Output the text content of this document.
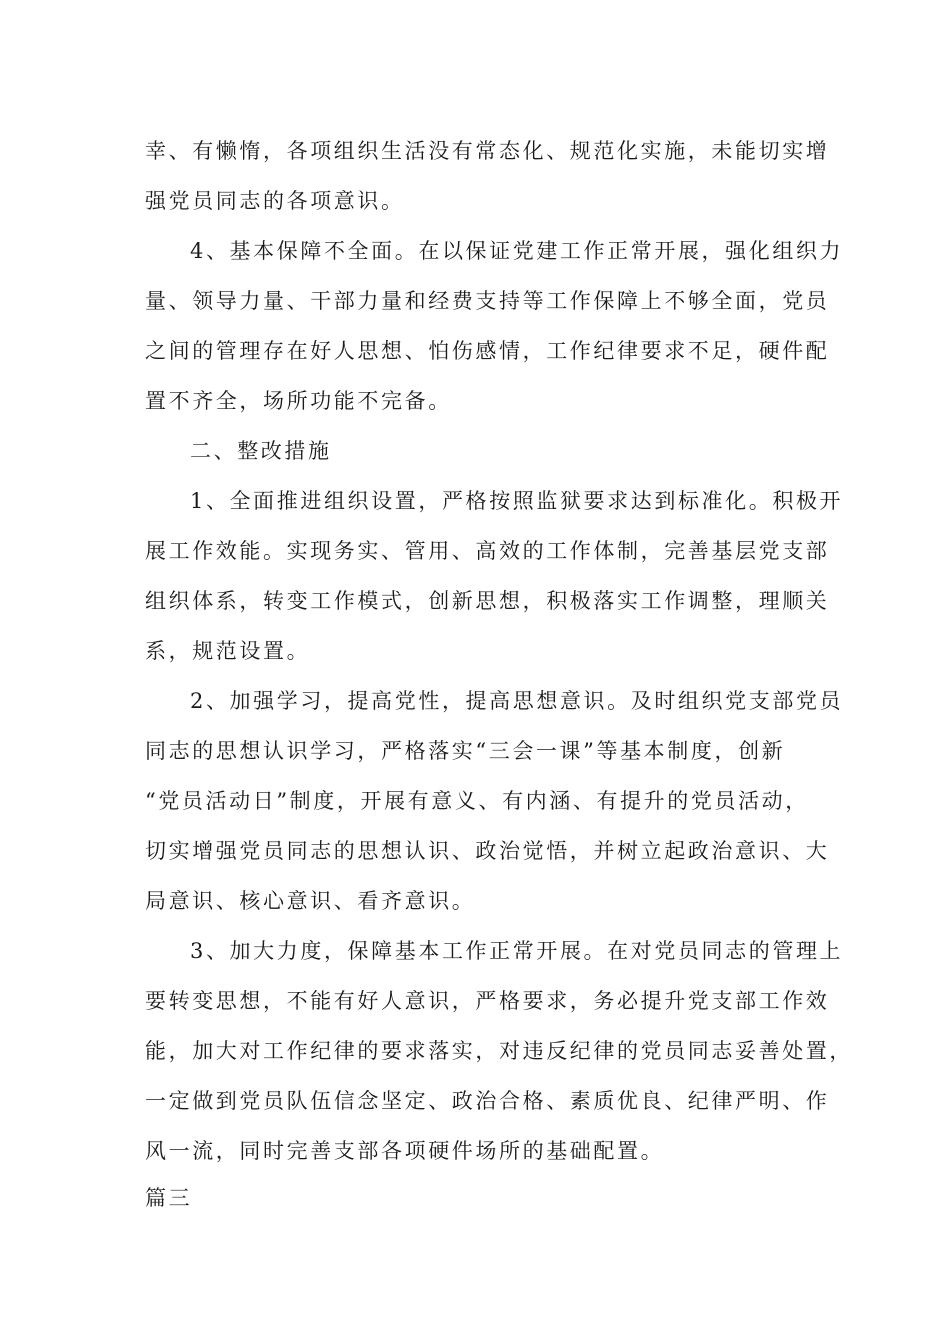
幸、有懒惰，各项组织生活没有常态化、规范化实施，未能切实增
强党员同志的各项意识。
4、基本保障不全面。在以保证党建工作正常开展，强化组织力
量、领导力量、干部力量和经费支持等工作保障上不够全面，党员
之间的管理存在好人思想、怕伤感情，工作纪律要求不足，硬件配
置不齐全，场所功能不完备。
二、整改措施
1、全面推进组织设置，严格按照监狱要求达到标准化。积极开
展工作效能。实现务实、管用、高效的工作体制，完善基层党支部
组织体系，转变工作模式，创新思想，积极落实工作调整，理顺关
系，规范设置。
2、加强学习，提高党性，提高思想意识。及时组织党支部党员
同志的思想认识学习，严格落实“三会一课”等基本制度，创新
“党员活动日”制度，开展有意义、有内涵、有提升的党员活动，
切实增强党员同志的思想认识、政治觉悟，并树立起政治意识、大
局意识、核心意识、看齐意识。
3、加大力度，保障基本工作正常开展。在对党员同志的管理上
要转变思想，不能有好人意识，严格要求，务必提升党支部工作效
能，加大对工作纪律的要求落实，对违反纪律的党员同志妥善处置，
一定做到党员队伍信念坚定、政治合格、素质优良、纪律严明、作
风一流，同时完善支部各项硬件场所的基础配置。
篇三
